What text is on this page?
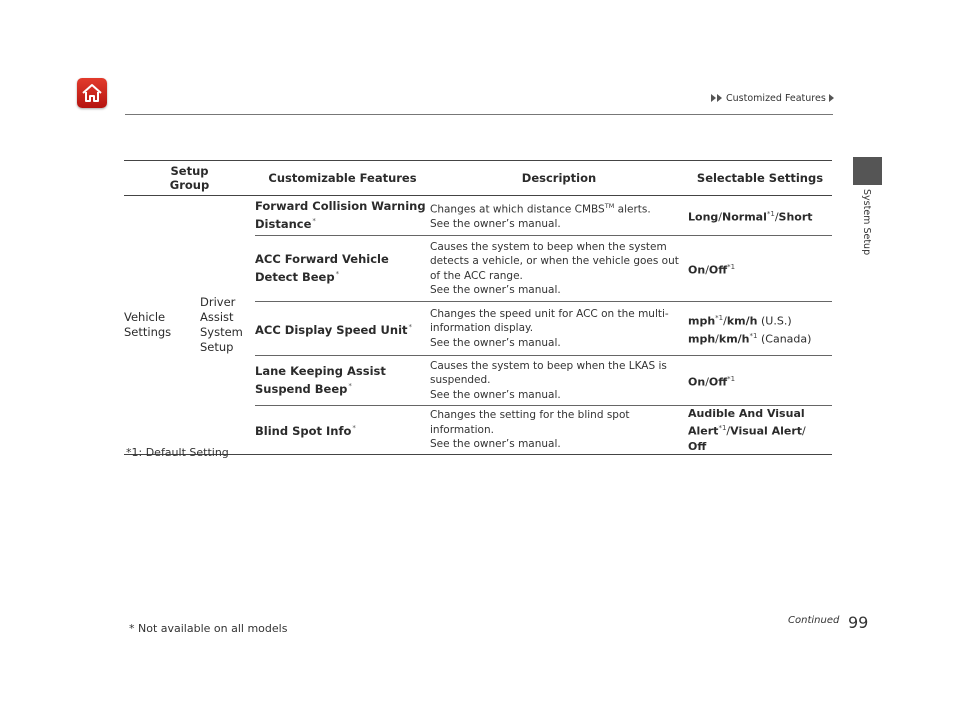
Customized Features
System Setup
Setup Group		Customizable Features	Description	Selectable Settings

Vehicle Settings	Driver Assist System Setup	Forward Collision Warning Distance*	Changes at which distance CMBS™ alerts.
See the owner’s manual.	Long/Normal$^{*1}$/Short
		ACC Forward Vehicle Detect Beep*	Causes the system to beep when the system detects a vehicle, or when the vehicle goes out of the ACC range.
See the owner’s manual.	On/Off$^{*1}$
		ACC Display Speed Unit*	Changes the speed unit for ACC on the multi-information display.
See the owner’s manual.	mph$^{*1}$/km/h (U.S.)
mph/$km/h^{*1}$ (Canada)
		Lane Keeping Assist Suspend Beep*	Causes the system to beep when the LKAS is suspended.
See the owner’s manual.	On/Off$^{*1}$
		Blind Spot Info*	Changes the setting for the blind spot information.
See the owner’s manual.	Audible And Visual Alert$^{*1}$/Visual Alert/
Off
*1: Default Setting
* Not available on all models
Continued 99
